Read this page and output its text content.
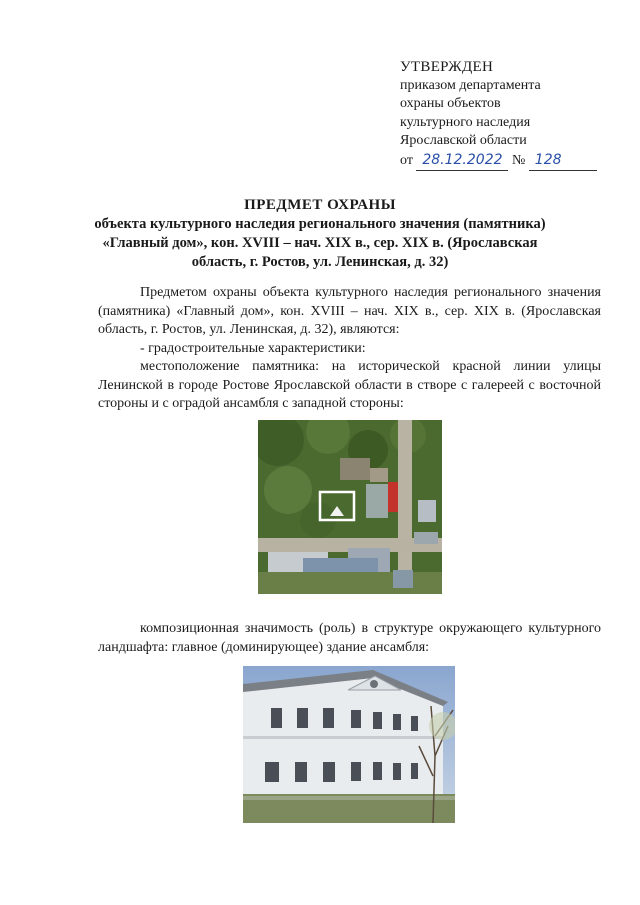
УТВЕРЖДЕН
приказом департамента
охраны объектов
культурного наследия
Ярославской области
от 28.12.2022 № 128
ПРЕДМЕТ ОХРАНЫ
объекта культурного наследия регионального значения (памятника)
«Главный дом», кон. XVIII – нач. XIX в., сер. XIX в. (Ярославская
область, г. Ростов, ул. Ленинская, д. 32)
Предметом охраны объекта культурного наследия регионального значения (памятника) «Главный дом», кон. XVIII – нач. XIX в., сер. XIX в. (Ярославская область, г. Ростов, ул. Ленинская, д. 32), являются:
- градостроительные характеристики:
местоположение памятника: на исторической красной линии улицы Ленинской в городе Ростове Ярославской области в створе с галереей с восточной стороны и с оградой ансамбля с западной стороны:
композиционная значимость (роль) в структуре окружающего культурного ландшафта: главное (доминирующее) здание ансамбля:
